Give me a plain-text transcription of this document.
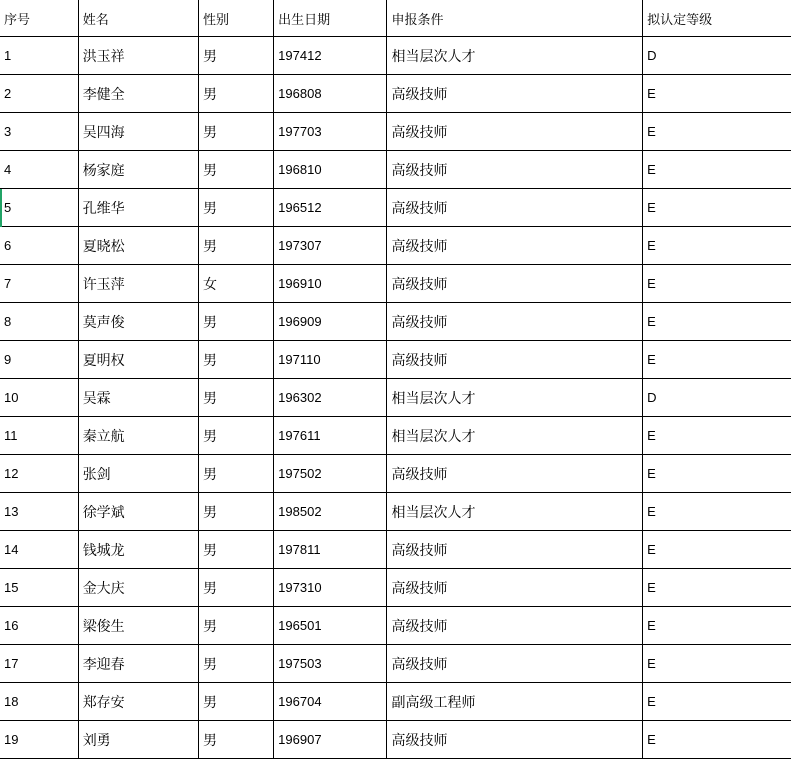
序号	姓名	性别	出生日期	申报条件	拟认定等级
1	洪玉祥	男	197412	相当层次人才	D
2	李健全	男	196808	高级技师	E
3	吴四海	男	197703	高级技师	E
4	杨家庭	男	196810	高级技师	E
5	孔维华	男	196512	高级技师	E
6	夏晓松	男	197307	高级技师	E
7	许玉萍	女	196910	高级技师	E
8	莫声俊	男	196909	高级技师	E
9	夏明权	男	197110	高级技师	E
10	吴霖	男	196302	相当层次人才	D
11	秦立航	男	197611	相当层次人才	E
12	张剑	男	197502	高级技师	E
13	徐学斌	男	198502	相当层次人才	E
14	钱城龙	男	197811	高级技师	E
15	金大庆	男	197310	高级技师	E
16	梁俊生	男	196501	高级技师	E
17	李迎春	男	197503	高级技师	E
18	郑存安	男	196704	副高级工程师	E
19	刘勇	男	196907	高级技师	E
